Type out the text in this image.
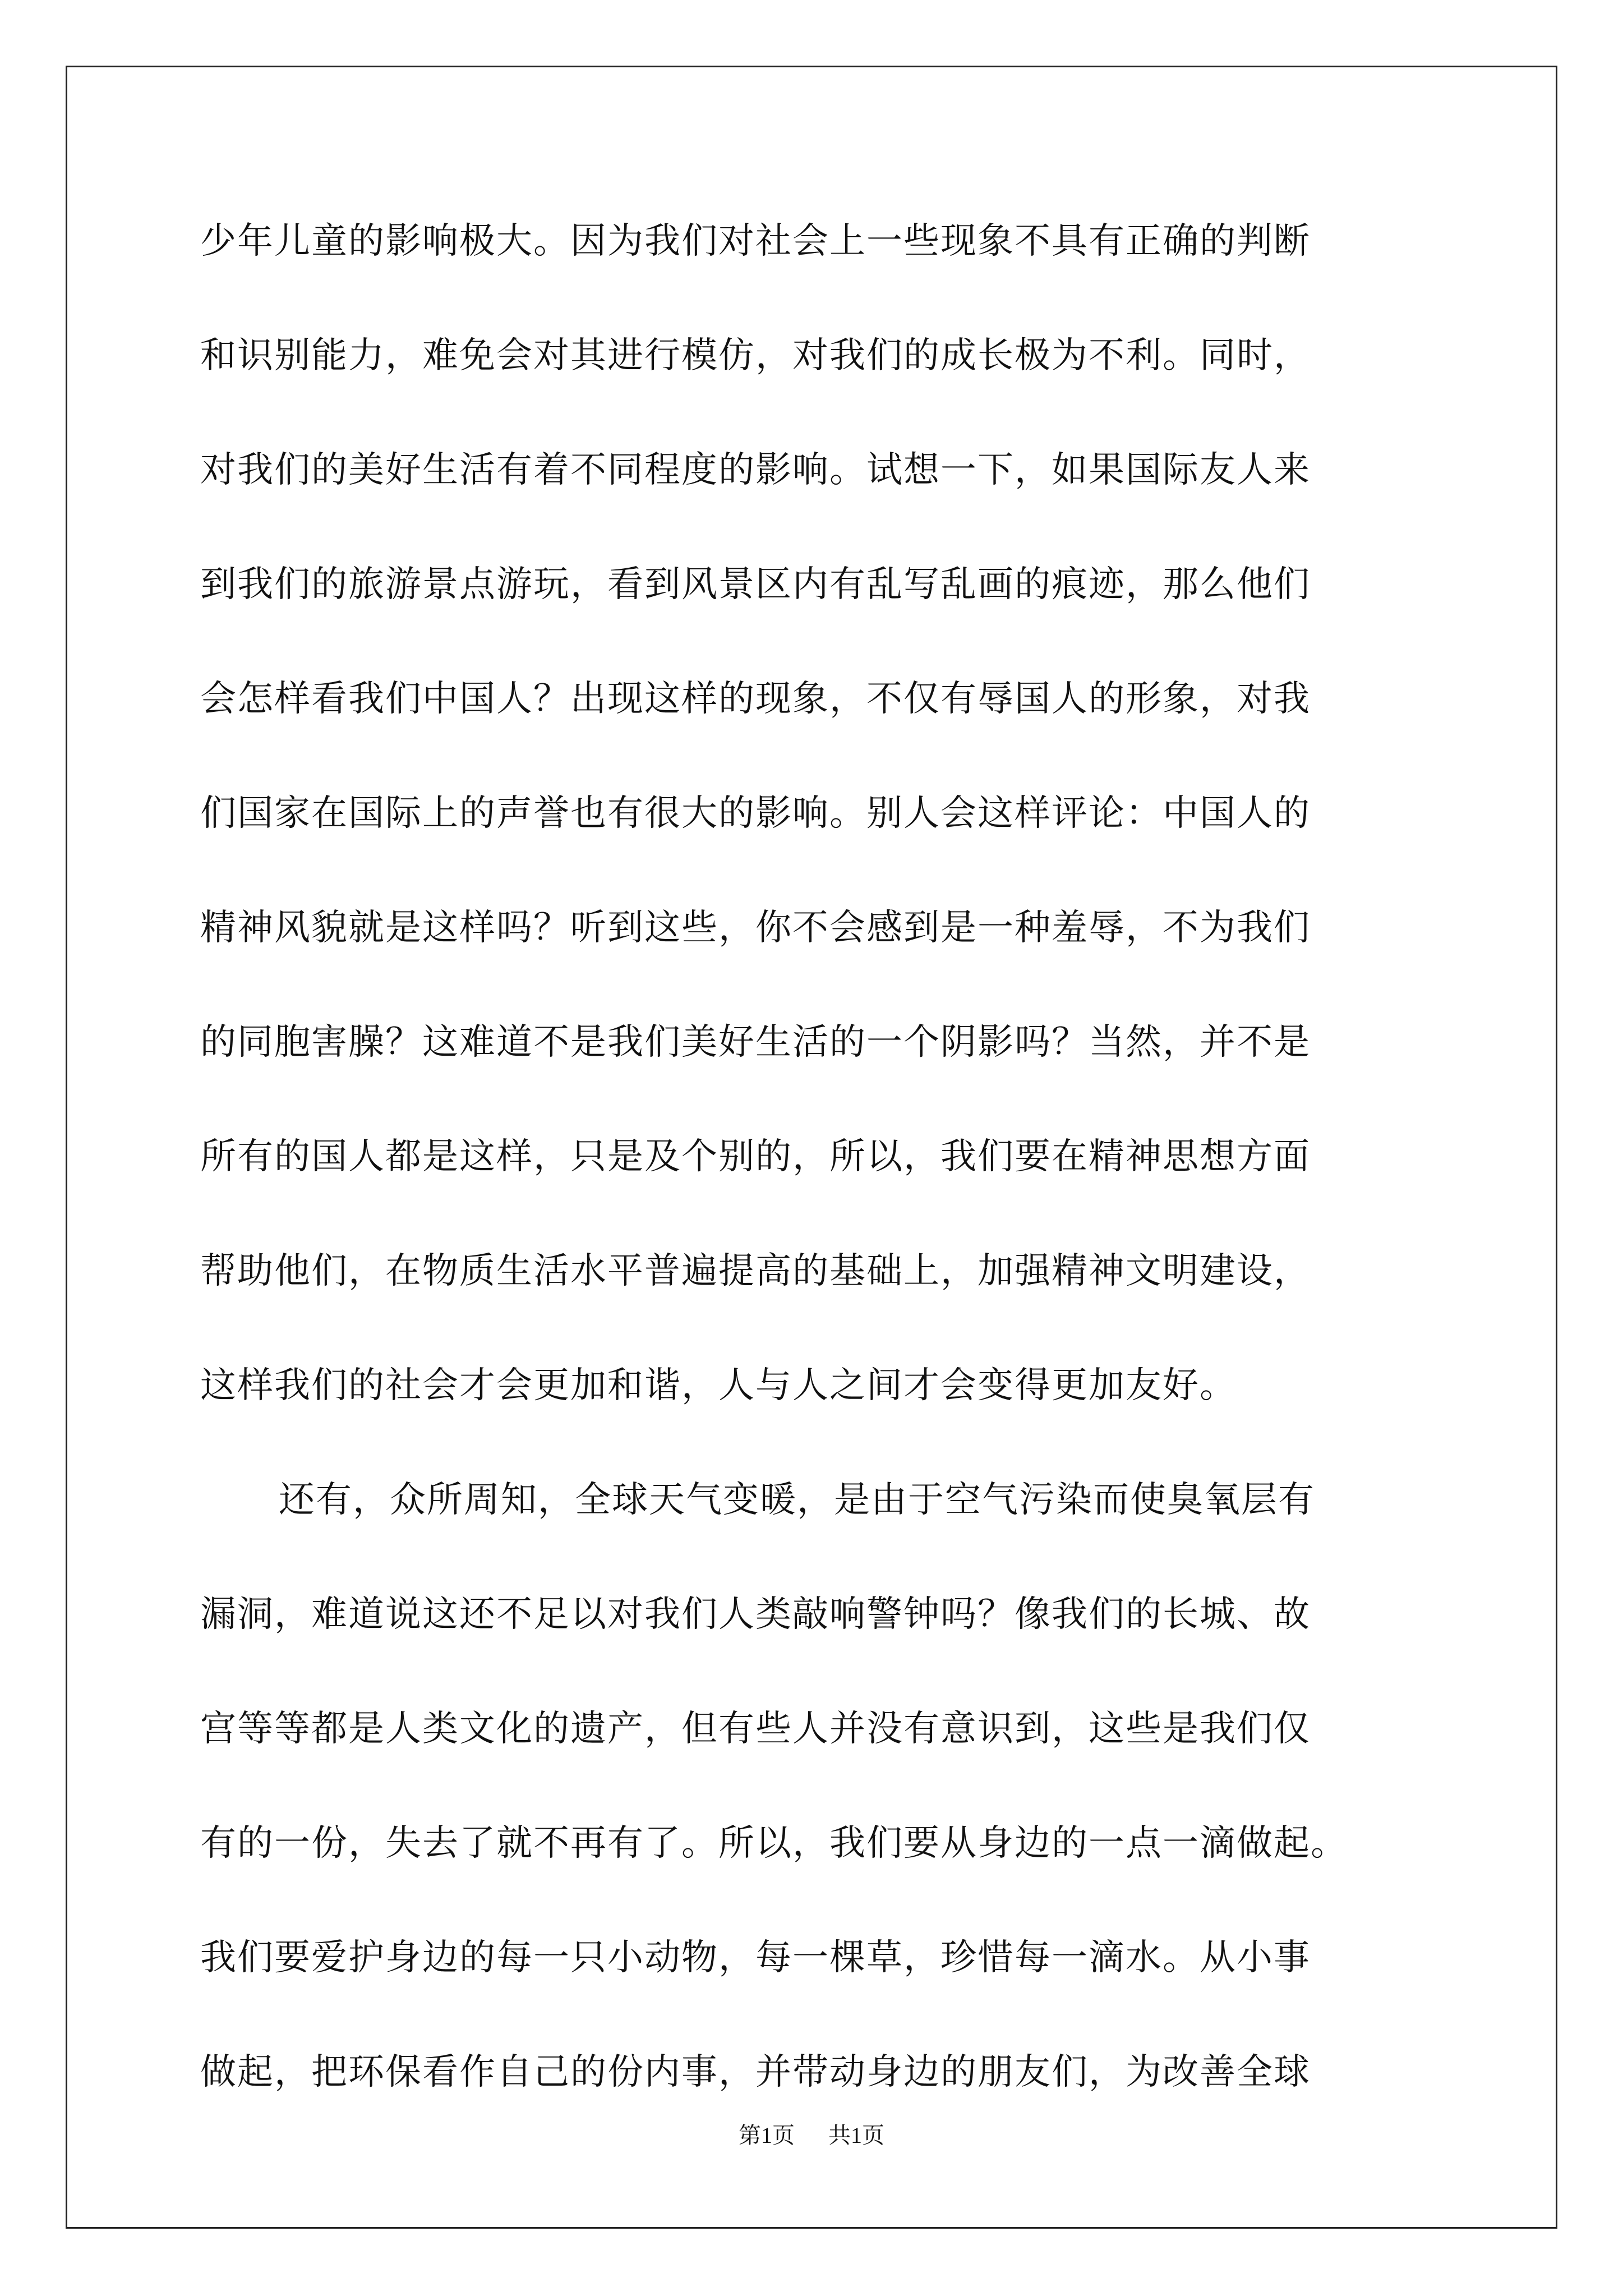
少年儿童的影响极大。因为我们对社会上一些现象不具有正确的判断
和识别能力，难免会对其进行模仿，对我们的成长极为不利。同时，
对我们的美好生活有着不同程度的影响。试想一下，如果国际友人来
到我们的旅游景点游玩，看到风景区内有乱写乱画的痕迹，那么他们
会怎样看我们中国人？出现这样的现象，不仅有辱国人的形象，对我
们国家在国际上的声誉也有很大的影响。别人会这样评论：中国人的
精神风貌就是这样吗？听到这些，你不会感到是一种羞辱，不为我们
的同胞害臊？这难道不是我们美好生活的一个阴影吗？当然，并不是
所有的国人都是这样，只是及个别的，所以，我们要在精神思想方面
帮助他们，在物质生活水平普遍提高的基础上，加强精神文明建设，
这样我们的社会才会更加和谐，人与人之间才会变得更加友好。
还有，众所周知，全球天气变暖，是由于空气污染而使臭氧层有
漏洞，难道说这还不足以对我们人类敲响警钟吗？像我们的长城、故
宫等等都是人类文化的遗产，但有些人并没有意识到，这些是我们仅
有的一份，失去了就不再有了。所以，我们要从身边的一点一滴做起。
我们要爱护身边的每一只小动物，每一棵草，珍惜每一滴水。从小事
做起，把环保看作自己的份内事，并带动身边的朋友们，为改善全球
第1页 共1页
